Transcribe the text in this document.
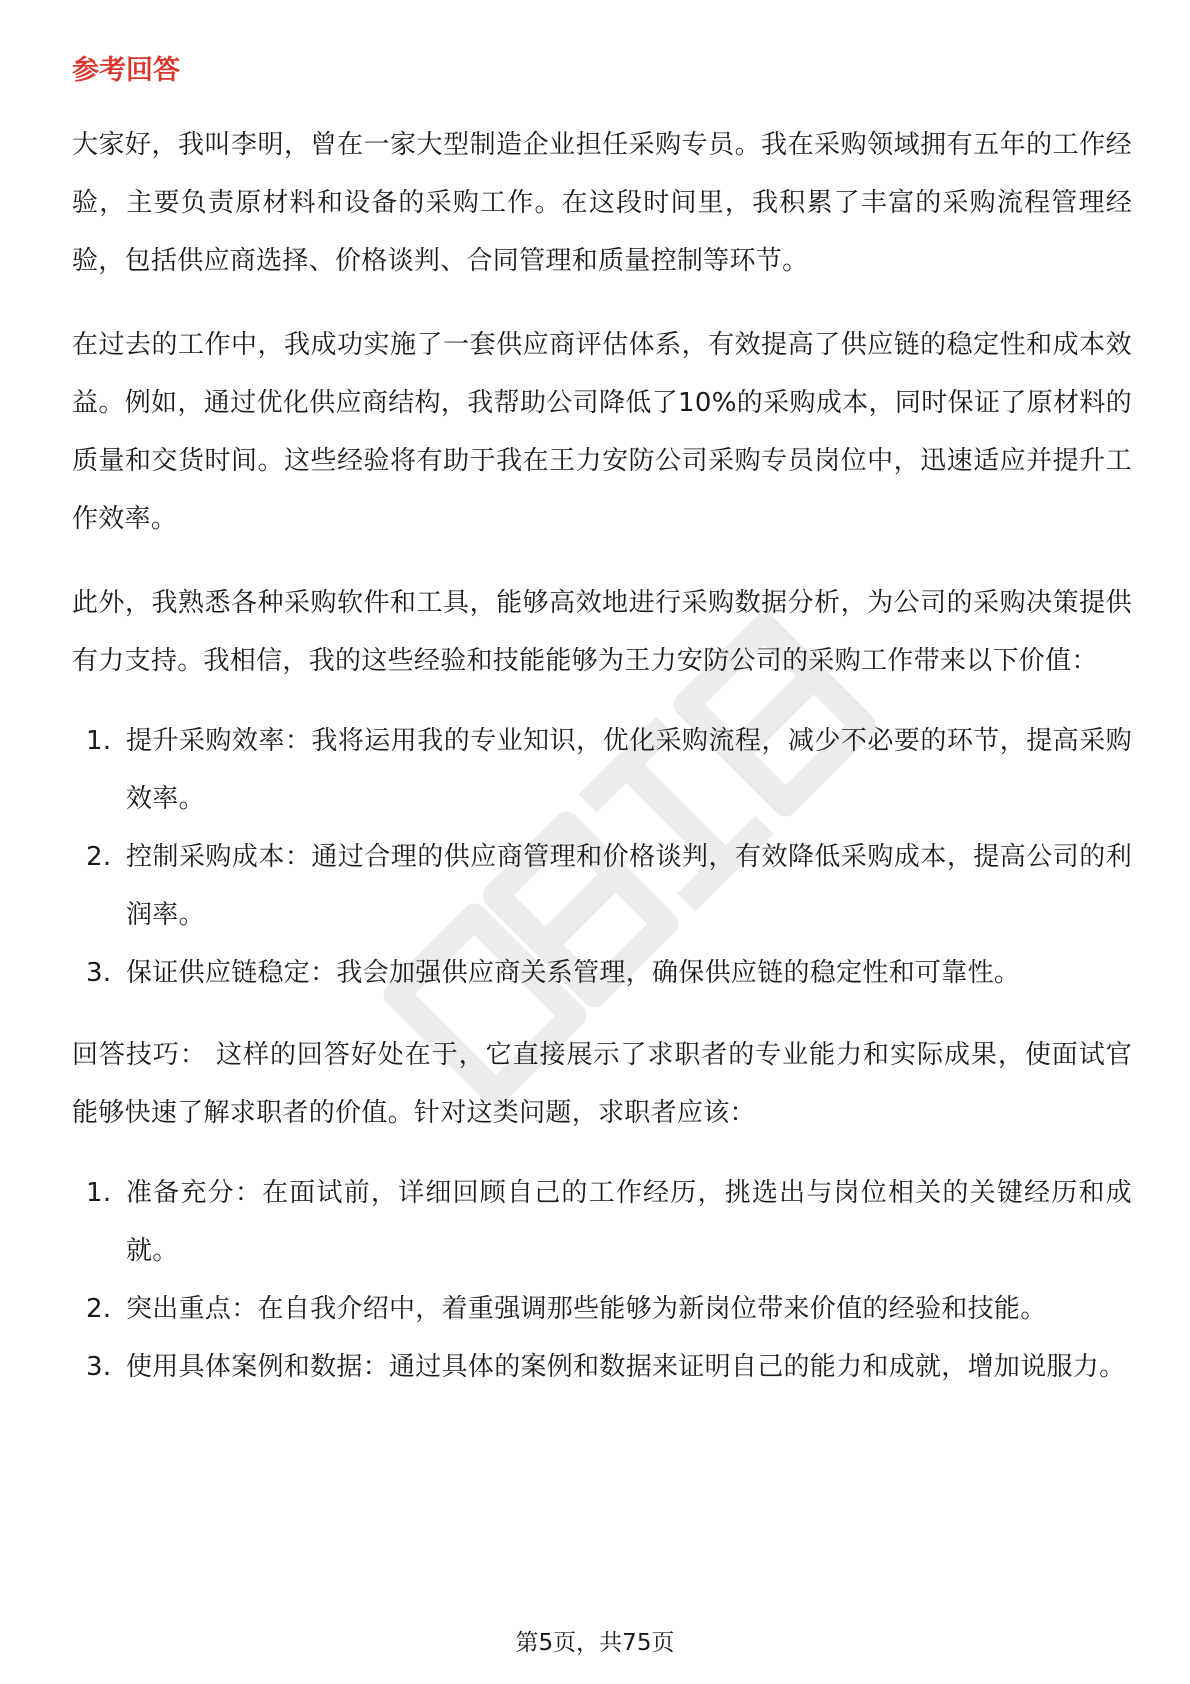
参考回答

大家好，我叫李明，曾在一家大型制造企业担任采购专员。我在采购领域拥有五年的工作经验，主要负责原材料和设备的采购工作。在这段时间里，我积累了丰富的采购流程管理经验，包括供应商选择、价格谈判、合同管理和质量控制等环节。

在过去的工作中，我成功实施了一套供应商评估体系，有效提高了供应链的稳定性和成本效益。例如，通过优化供应商结构，我帮助公司降低了10%的采购成本，同时保证了原材料的质量和交货时间。这些经验将有助于我在王力安防公司采购专员岗位中，迅速适应并提升工作效率。

此外，我熟悉各种采购软件和工具，能够高效地进行采购数据分析，为公司的采购决策提供有力支持。我相信，我的这些经验和技能能够为王力安防公司的采购工作带来以下价值：

1. 提升采购效率：我将运用我的专业知识，优化采购流程，减少不必要的环节，提高采购效率。
2. 控制采购成本：通过合理的供应商管理和价格谈判，有效降低采购成本，提高公司的利润率。
3. 保证供应链稳定：我会加强供应商关系管理，确保供应链的稳定性和可靠性。

回答技巧： 这样的回答好处在于，它直接展示了求职者的专业能力和实际成果，使面试官能够快速了解求职者的价值。针对这类问题，求职者应该：

1. 准备充分：在面试前，详细回顾自己的工作经历，挑选出与岗位相关的关键经历和成就。
2. 突出重点：在自我介绍中，着重强调那些能够为新岗位带来价值的经验和技能。
3. 使用具体案例和数据：通过具体的案例和数据来证明自己的能力和成就，增加说服力。
第5页，共75页
